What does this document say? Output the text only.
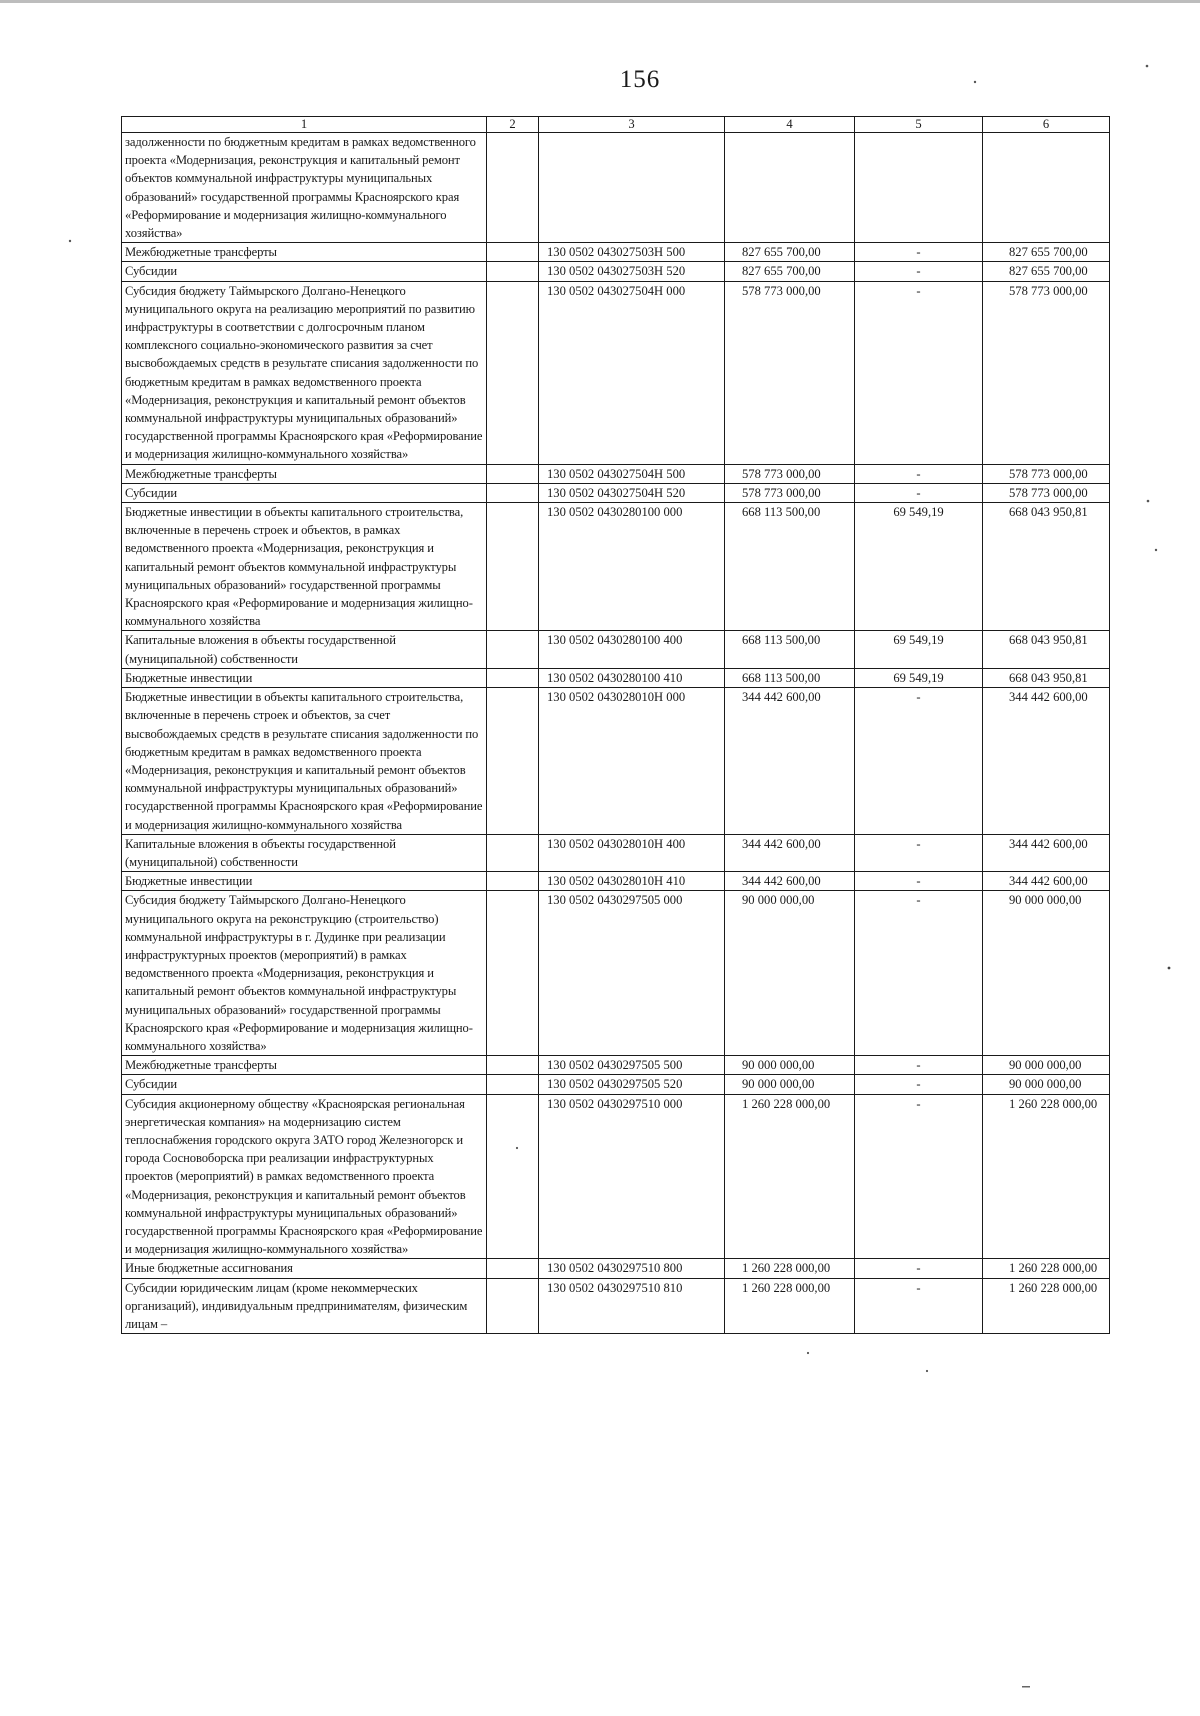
156
1	2	3	4	5	6
задолженности по бюджетным кредитам в рамках ведомственного проекта «Модернизация, реконструкция и капитальный ремонт объектов коммунальной инфраструктуры муниципальных образований» государственной программы Красноярского края «Реформирование и модернизация жилищно-коммунального хозяйства»					
Межбюджетные трансферты		130 0502 043027503Н 500	827 655 700,00	-	827 655 700,00
Субсидии		130 0502 043027503Н 520	827 655 700,00	-	827 655 700,00
Субсидия бюджету Таймырского Долгано-Ненецкого муниципального округа на реализацию мероприятий по развитию инфраструктуры в соответствии с долгосрочным планом комплексного социально-экономического развития за счет высвобождаемых средств в результате списания задолженности по бюджетным кредитам в рамках ведомственного проекта «Модернизация, реконструкция и капитальный ремонт объектов коммунальной инфраструктуры муниципальных образований» государственной программы Красноярского края «Реформирование и модернизация жилищно-коммунального хозяйства»		130 0502 043027504Н 000	578 773 000,00	-	578 773 000,00
Межбюджетные трансферты		130 0502 043027504Н 500	578 773 000,00	-	578 773 000,00
Субсидии		130 0502 043027504Н 520	578 773 000,00	-	578 773 000,00
Бюджетные инвестиции в объекты капитального строительства, включенные в перечень строек и объектов, в рамках ведомственного проекта «Модернизация, реконструкция и капитальный ремонт объектов коммунальной инфраструктуры муниципальных образований» государственной программы Красноярского края «Реформирование и модернизация жилищно-коммунального хозяйства		130 0502 0430280100 000	668 113 500,00	69 549,19	668 043 950,81
Капитальные вложения в объекты государственной (муниципальной) собственности		130 0502 0430280100 400	668 113 500,00	69 549,19	668 043 950,81
Бюджетные инвестиции		130 0502 0430280100 410	668 113 500,00	69 549,19	668 043 950,81
Бюджетные инвестиции в объекты капитального строительства, включенные в перечень строек и объектов, за счет высвобождаемых средств в результате списания задолженности по бюджетным кредитам в рамках ведомственного проекта «Модернизация, реконструкция и капитальный ремонт объектов коммунальной инфраструктуры муниципальных образований» государственной программы Красноярского края «Реформирование и модернизация жилищно-коммунального хозяйства		130 0502 043028010Н 000	344 442 600,00	-	344 442 600,00
Капитальные вложения в объекты государственной (муниципальной) собственности		130 0502 043028010Н 400	344 442 600,00	-	344 442 600,00
Бюджетные инвестиции		130 0502 043028010Н 410	344 442 600,00	-	344 442 600,00
Субсидия бюджету Таймырского Долгано-Ненецкого муниципального округа на реконструкцию (строительство) коммунальной инфраструктуры в г. Дудинке при реализации инфраструктурных проектов (мероприятий) в рамках ведомственного проекта «Модернизация, реконструкция и капитальный ремонт объектов коммунальной инфраструктуры муниципальных образований» государственной программы Красноярского края «Реформирование и модернизация жилищно-коммунального хозяйства»		130 0502 0430297505 000	90 000 000,00	-	90 000 000,00
Межбюджетные трансферты		130 0502 0430297505 500	90 000 000,00	-	90 000 000,00
Субсидии		130 0502 0430297505 520	90 000 000,00	-	90 000 000,00
Субсидия акционерному обществу «Красноярская региональная энергетическая компания» на модернизацию систем теплоснабжения городского округа ЗАТО город Железногорск и города Сосновоборска при реализации инфраструктурных проектов (мероприятий) в рамках ведомственного проекта «Модернизация, реконструкция и капитальный ремонт объектов коммунальной инфраструктуры муниципальных образований» государственной программы Красноярского края «Реформирование и модернизация жилищно-коммунального хозяйства»		130 0502 0430297510 000	1 260 228 000,00	-	1 260 228 000,00
Иные бюджетные ассигнования		130 0502 0430297510 800	1 260 228 000,00	-	1 260 228 000,00
Субсидии юридическим лицам (кроме некоммерческих организаций), индивидуальным предпринимателям, физическим лицам –		130 0502 0430297510 810	1 260 228 000,00	-	1 260 228 000,00
